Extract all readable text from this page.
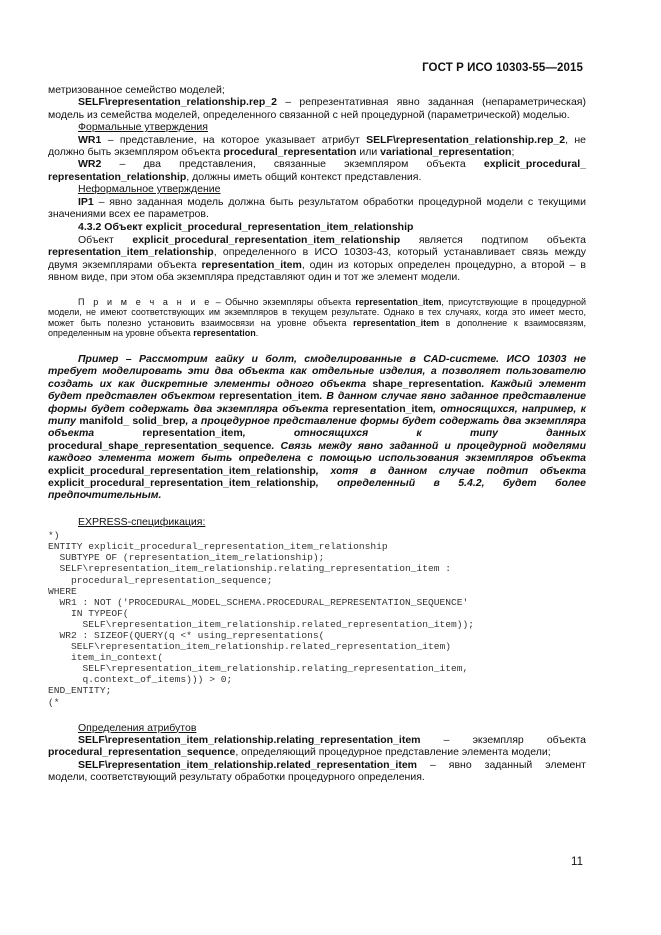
ГОСТ Р ИСО 10303-55—2015

метризованное семейство моделей;

SELF\representation_relationship.rep_2 – репрезентативная явно заданная (непараметрическая) модель из семейства моделей, определенного связанной с ней процедурной (параметрической) моделью.

Формальные утверждения

WR1 – представление, на которое указывает атрибут SELF\representation_relationship.rep_2, не должно быть экземпляром объекта procedural_representation или variational_representation;

WR2 – два представления, связанные экземпляром объекта explicit_procedural_ representation_relationship, должны иметь общий контекст представления.

Неформальное утверждение

IP1 – явно заданная модель должна быть результатом обработки процедурной модели с текущими значениями всех ее параметров.

4.3.2 Объект explicit_procedural_representation_item_relationship

Объект explicit_procedural_representation_item_relationship является подтипом объекта representation_item_relationship, определенного в ИСО 10303-43, который устанавливает связь между двумя экземплярами объекта representation_item, один из которых определен процедурно, а второй – в явном виде, при этом оба экземпляра представляют один и тот же элемент модели.

П р и м е ч а н и е – Обычно экземпляры объекта representation_item, присутствующие в процедурной модели, не имеют соответствующих им экземпляров в текущем результате. Однако в тех случаях, когда это имеет место, может быть полезно установить взаимосвязи на уровне объекта representation_item в дополнение к взаимосвязям, определенным на уровне объекта representation.

Пример – Рассмотрим гайку и болт, смоделированные в CAD-системе. ИСО 10303 не требует моделировать эти два объекта как отдельные изделия, а позволяет пользователю создать их как дискретные элементы одного объекта shape_representation. Каждый элемент будет представлен объектом representation_item. В данном случае явно заданное представление формы будет содержать два экземпляра объекта representation_item, относящихся, например, к типу manifold_ solid_brep, а процедурное представление формы будет содержать два экземпляра объекта representation_item, относящихся к типу данных procedural_shape_representation_sequence. Связь между явно заданной и процедурной моделями каждого элемента может быть определена с помощью использования экземпляров объекта explicit_procedural_representation_item_relationship, хотя в данном случае подтип объекта explicit_procedural_representation_item_relationship, определенный в 5.4.2, будет более предпочтительным.

EXPRESS-спецификация:

*)
ENTITY explicit_procedural_representation_item_relationship
SUBTYPE OF (representation_item_relationship);
SELF\representation_item_relationship.relating_representation_item :
procedural_representation_sequence;
WHERE
WR1 : NOT ('PROCEDURAL_MODEL_SCHEMA.PROCEDURAL_REPRESENTATION_SEQUENCE'
IN TYPEOF(
SELF\representation_item_relationship.related_representation_item));
WR2 : SIZEOF(QUERY(q <* using_representations(
SELF\representation_item_relationship.related_representation_item)
item_in_context(
SELF\representation_item_relationship.relating_representation_item,
q.context_of_items))) > 0;
END_ENTITY;
(*

Определения атрибутов

SELF\representation_item_relationship.relating_representation_item – экземпляр объекта procedural_representation_sequence, определяющий процедурное представление элемента модели;

SELF\representation_item_relationship.related_representation_item – явно заданный элемент модели, соответствующий результату обработки процедурного определения.

11
